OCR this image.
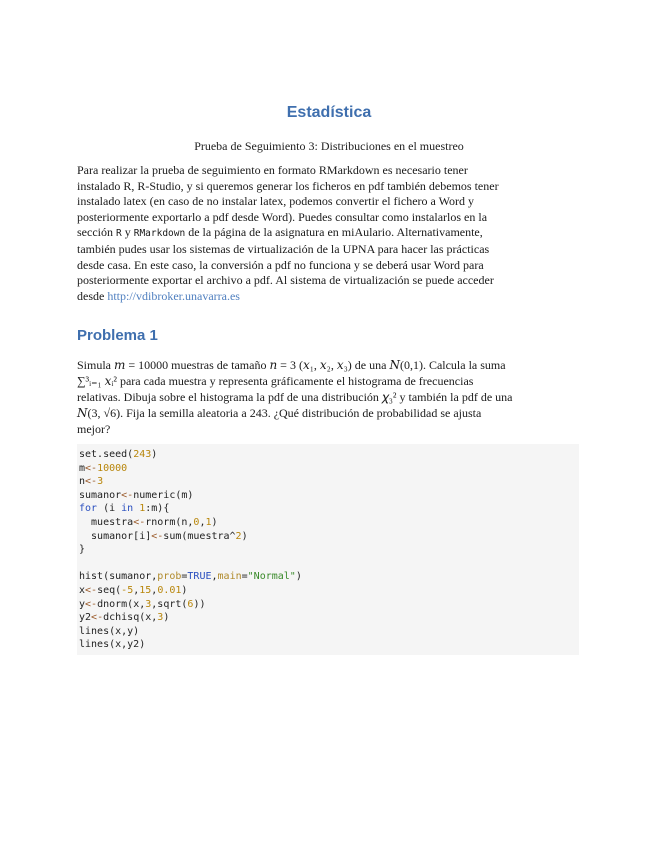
Estadística
Prueba de Seguimiento 3: Distribuciones en el muestreo
Para realizar la prueba de seguimiento en formato RMarkdown es necesario tener
instalado R, R-Studio, y si queremos generar los ficheros en pdf también debemos tener
instalado latex (en caso de no instalar latex, podemos convertir el fichero a Word y
posteriormente exportarlo a pdf desde Word). Puedes consultar como instalarlos en la
sección R y RMarkdown de la página de la asignatura en miAulario. Alternativamente,
también pudes usar los sistemas de virtualización de la UPNA para hacer las prácticas
desde casa. En este caso, la conversión a pdf no funciona y se deberá usar Word para
posteriormente exportar el archivo a pdf. Al sistema de virtualización se puede acceder
desde http://vdibroker.unavarra.es
Problema 1
Simula 𝑚 = 10000 muestras de tamaño 𝑛 = 3 (𝑥₁, 𝑥₂, 𝑥₃) de una 𝑁(0,1). Calcula la suma
∑³ᵢ₌₁ 𝑥ᵢ² para cada muestra y representa gráficamente el histograma de frecuencias
relativas. Dibuja sobre el histograma la pdf de una distribución 𝜒₃² y también la pdf de una
𝑁(3, √6). Fija la semilla aleatoria a 243. ¿Qué distribución de probabilidad se ajusta
mejor?
set.seed(243)
m<-10000
n<-3
sumanor<-numeric(m)
for (i in 1:m){
muestra<-rnorm(n,0,1)
sumanor[i]<-sum(muestra^2)
}
hist(sumanor,prob=TRUE,main="Normal")
x<-seq(-5,15,0.01)
y<-dnorm(x,3,sqrt(6))
y2<-dchisq(x,3)
lines(x,y)
lines(x,y2)
